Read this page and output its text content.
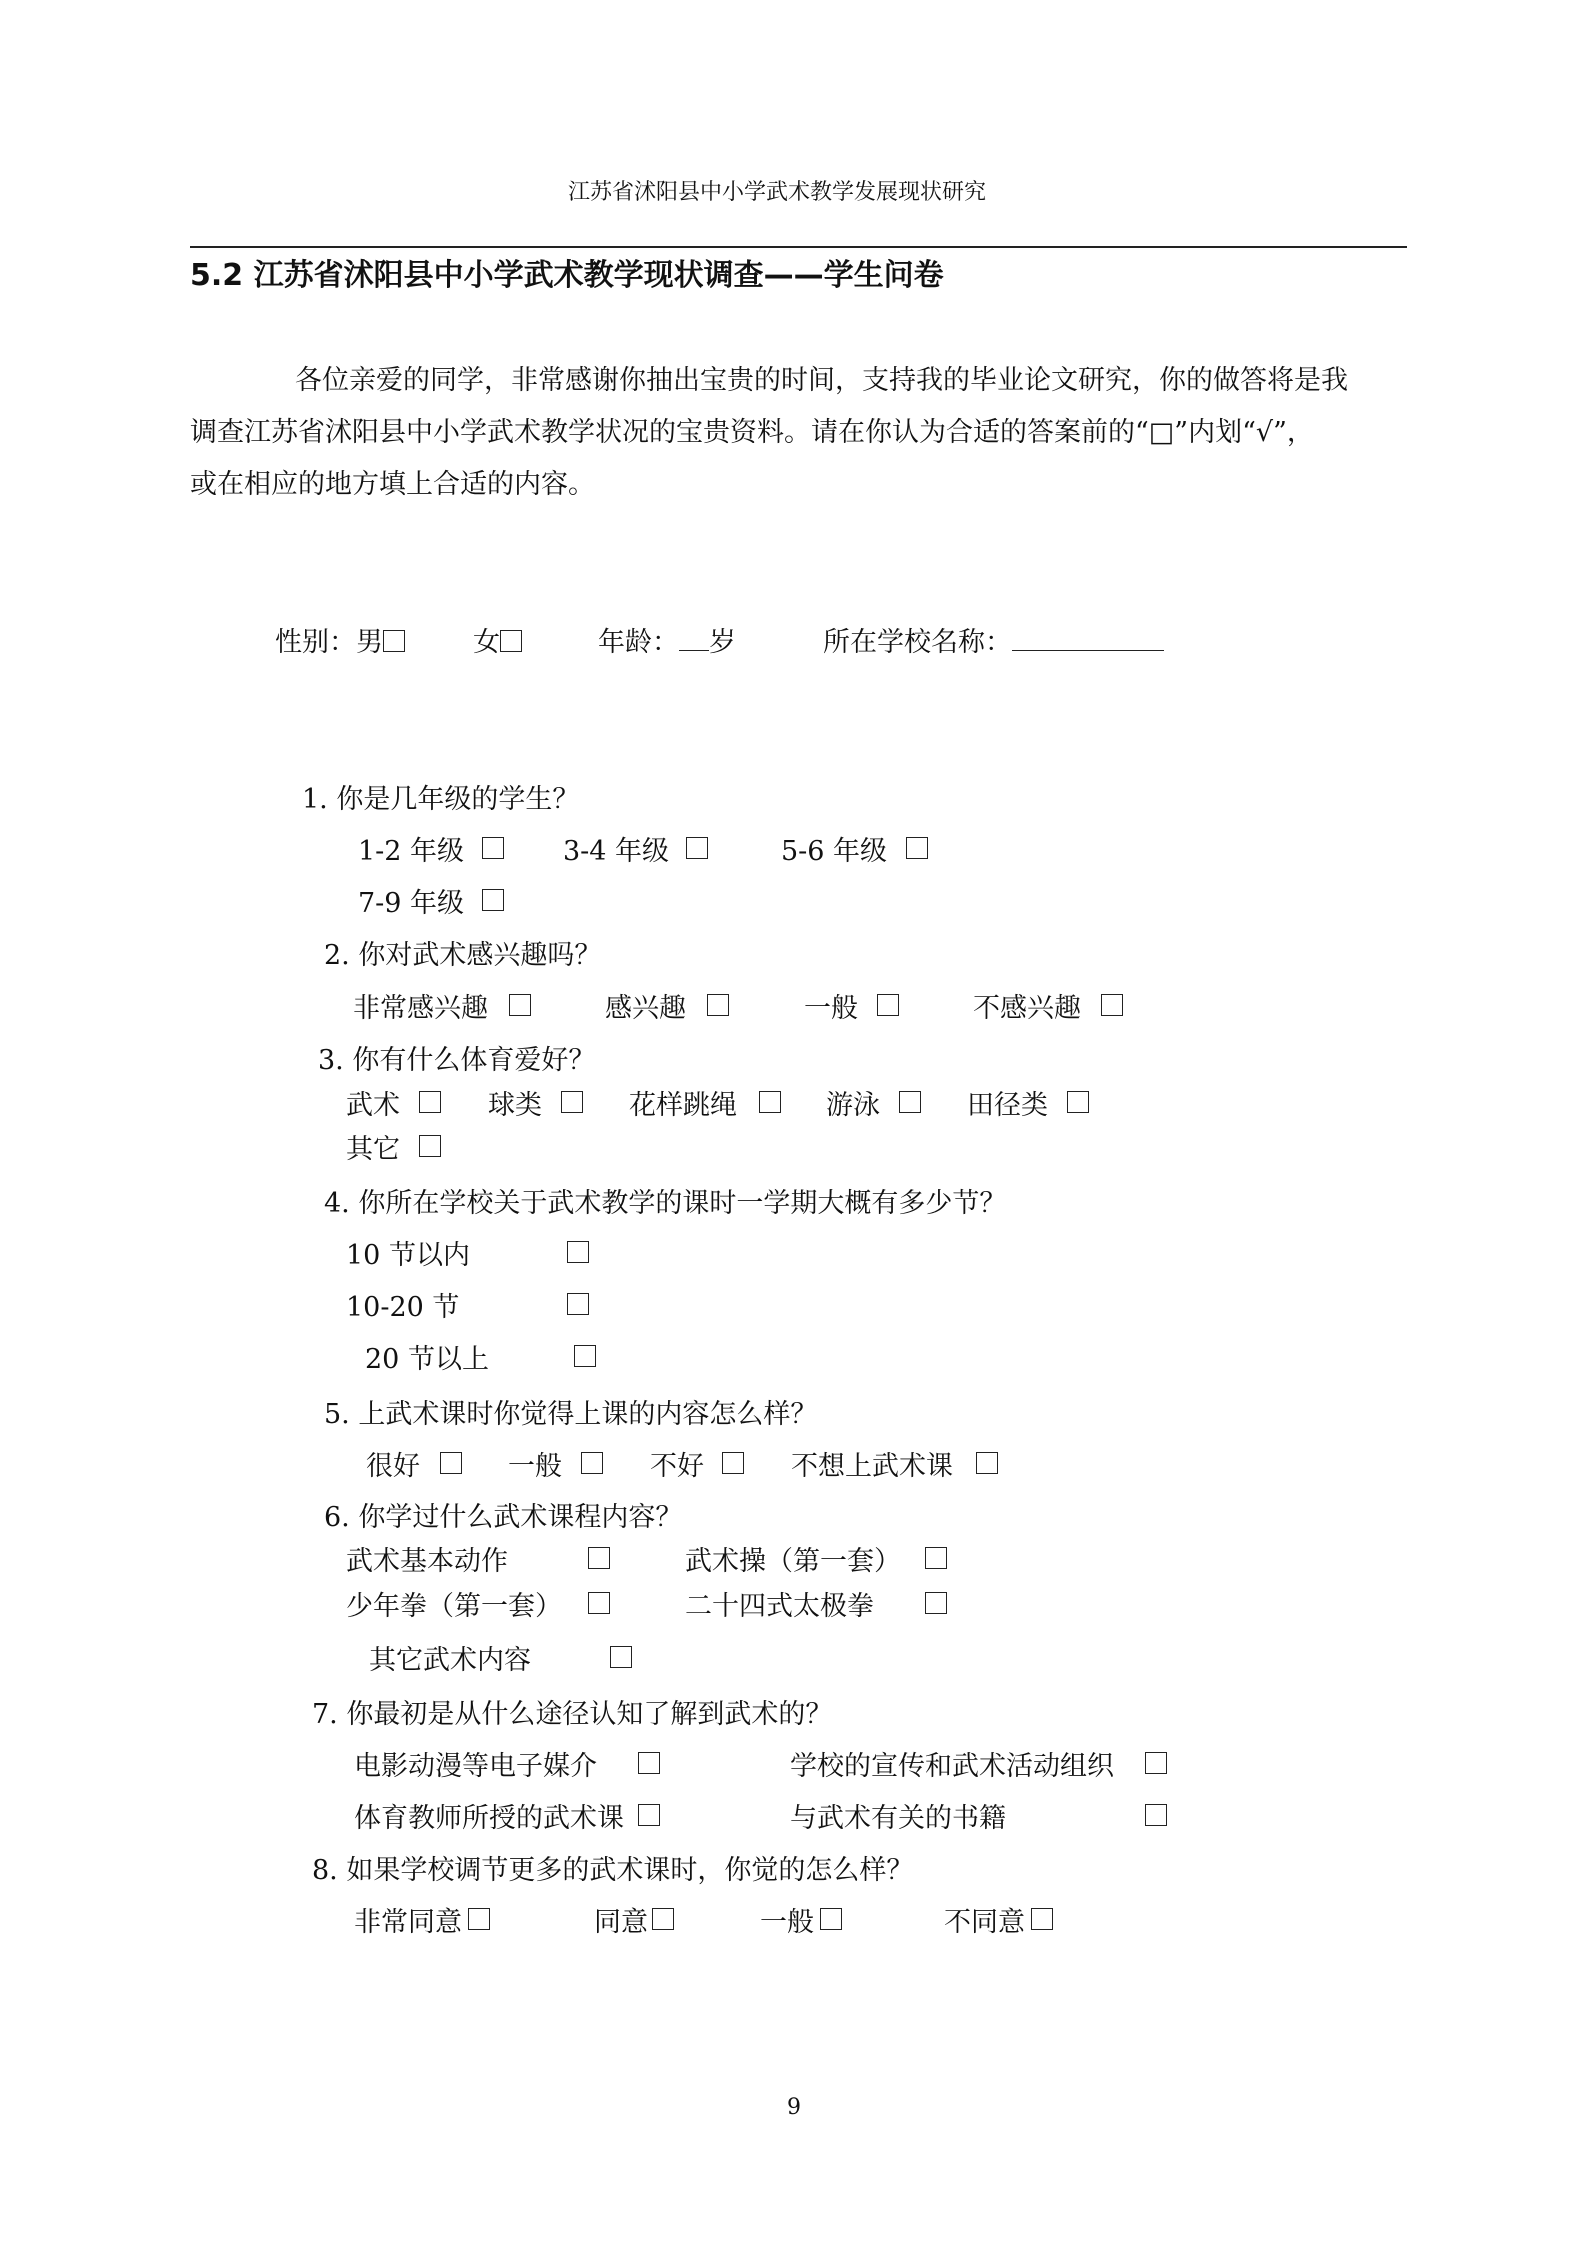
江苏省沭阳县中小学武术教学发展现状研究
5.2 江苏省沭阳县中小学武术教学现状调查——学生问卷
各位亲爱的同学，非常感谢你抽出宝贵的时间，支持我的毕业论文研究，你的做答将是我
调查江苏省沭阳县中小学武术教学状况的宝贵资料。请在你认为合适的答案前的“□”内划“√”，
或在相应的地方填上合适的内容。
性别：男	女	年龄： 岁	所在学校名称：
1. 你是几年级的学生？
1-2 年级	3-4 年级	5-6 年级
7-9 年级
2. 你对武术感兴趣吗？
非常感兴趣	感兴趣	一般	不感兴趣
3. 你有什么体育爱好？
武术	球类	花样跳绳	游泳	田径类
其它
4. 你所在学校关于武术教学的课时一学期大概有多少节？
10 节以内
10-20 节
20 节以上
5. 上武术课时你觉得上课的内容怎么样？
很好	一般	不好	不想上武术课
6. 你学过什么武术课程内容？
武术基本动作	武术操（第一套）
少年拳（第一套）	二十四式太极拳
其它武术内容
7. 你最初是从什么途径认知了解到武术的？
电影动漫等电子媒介	学校的宣传和武术活动组织
体育教师所授的武术课	与武术有关的书籍
8. 如果学校调节更多的武术课时，你觉的怎么样？
非常同意	同意	一般	不同意
9
